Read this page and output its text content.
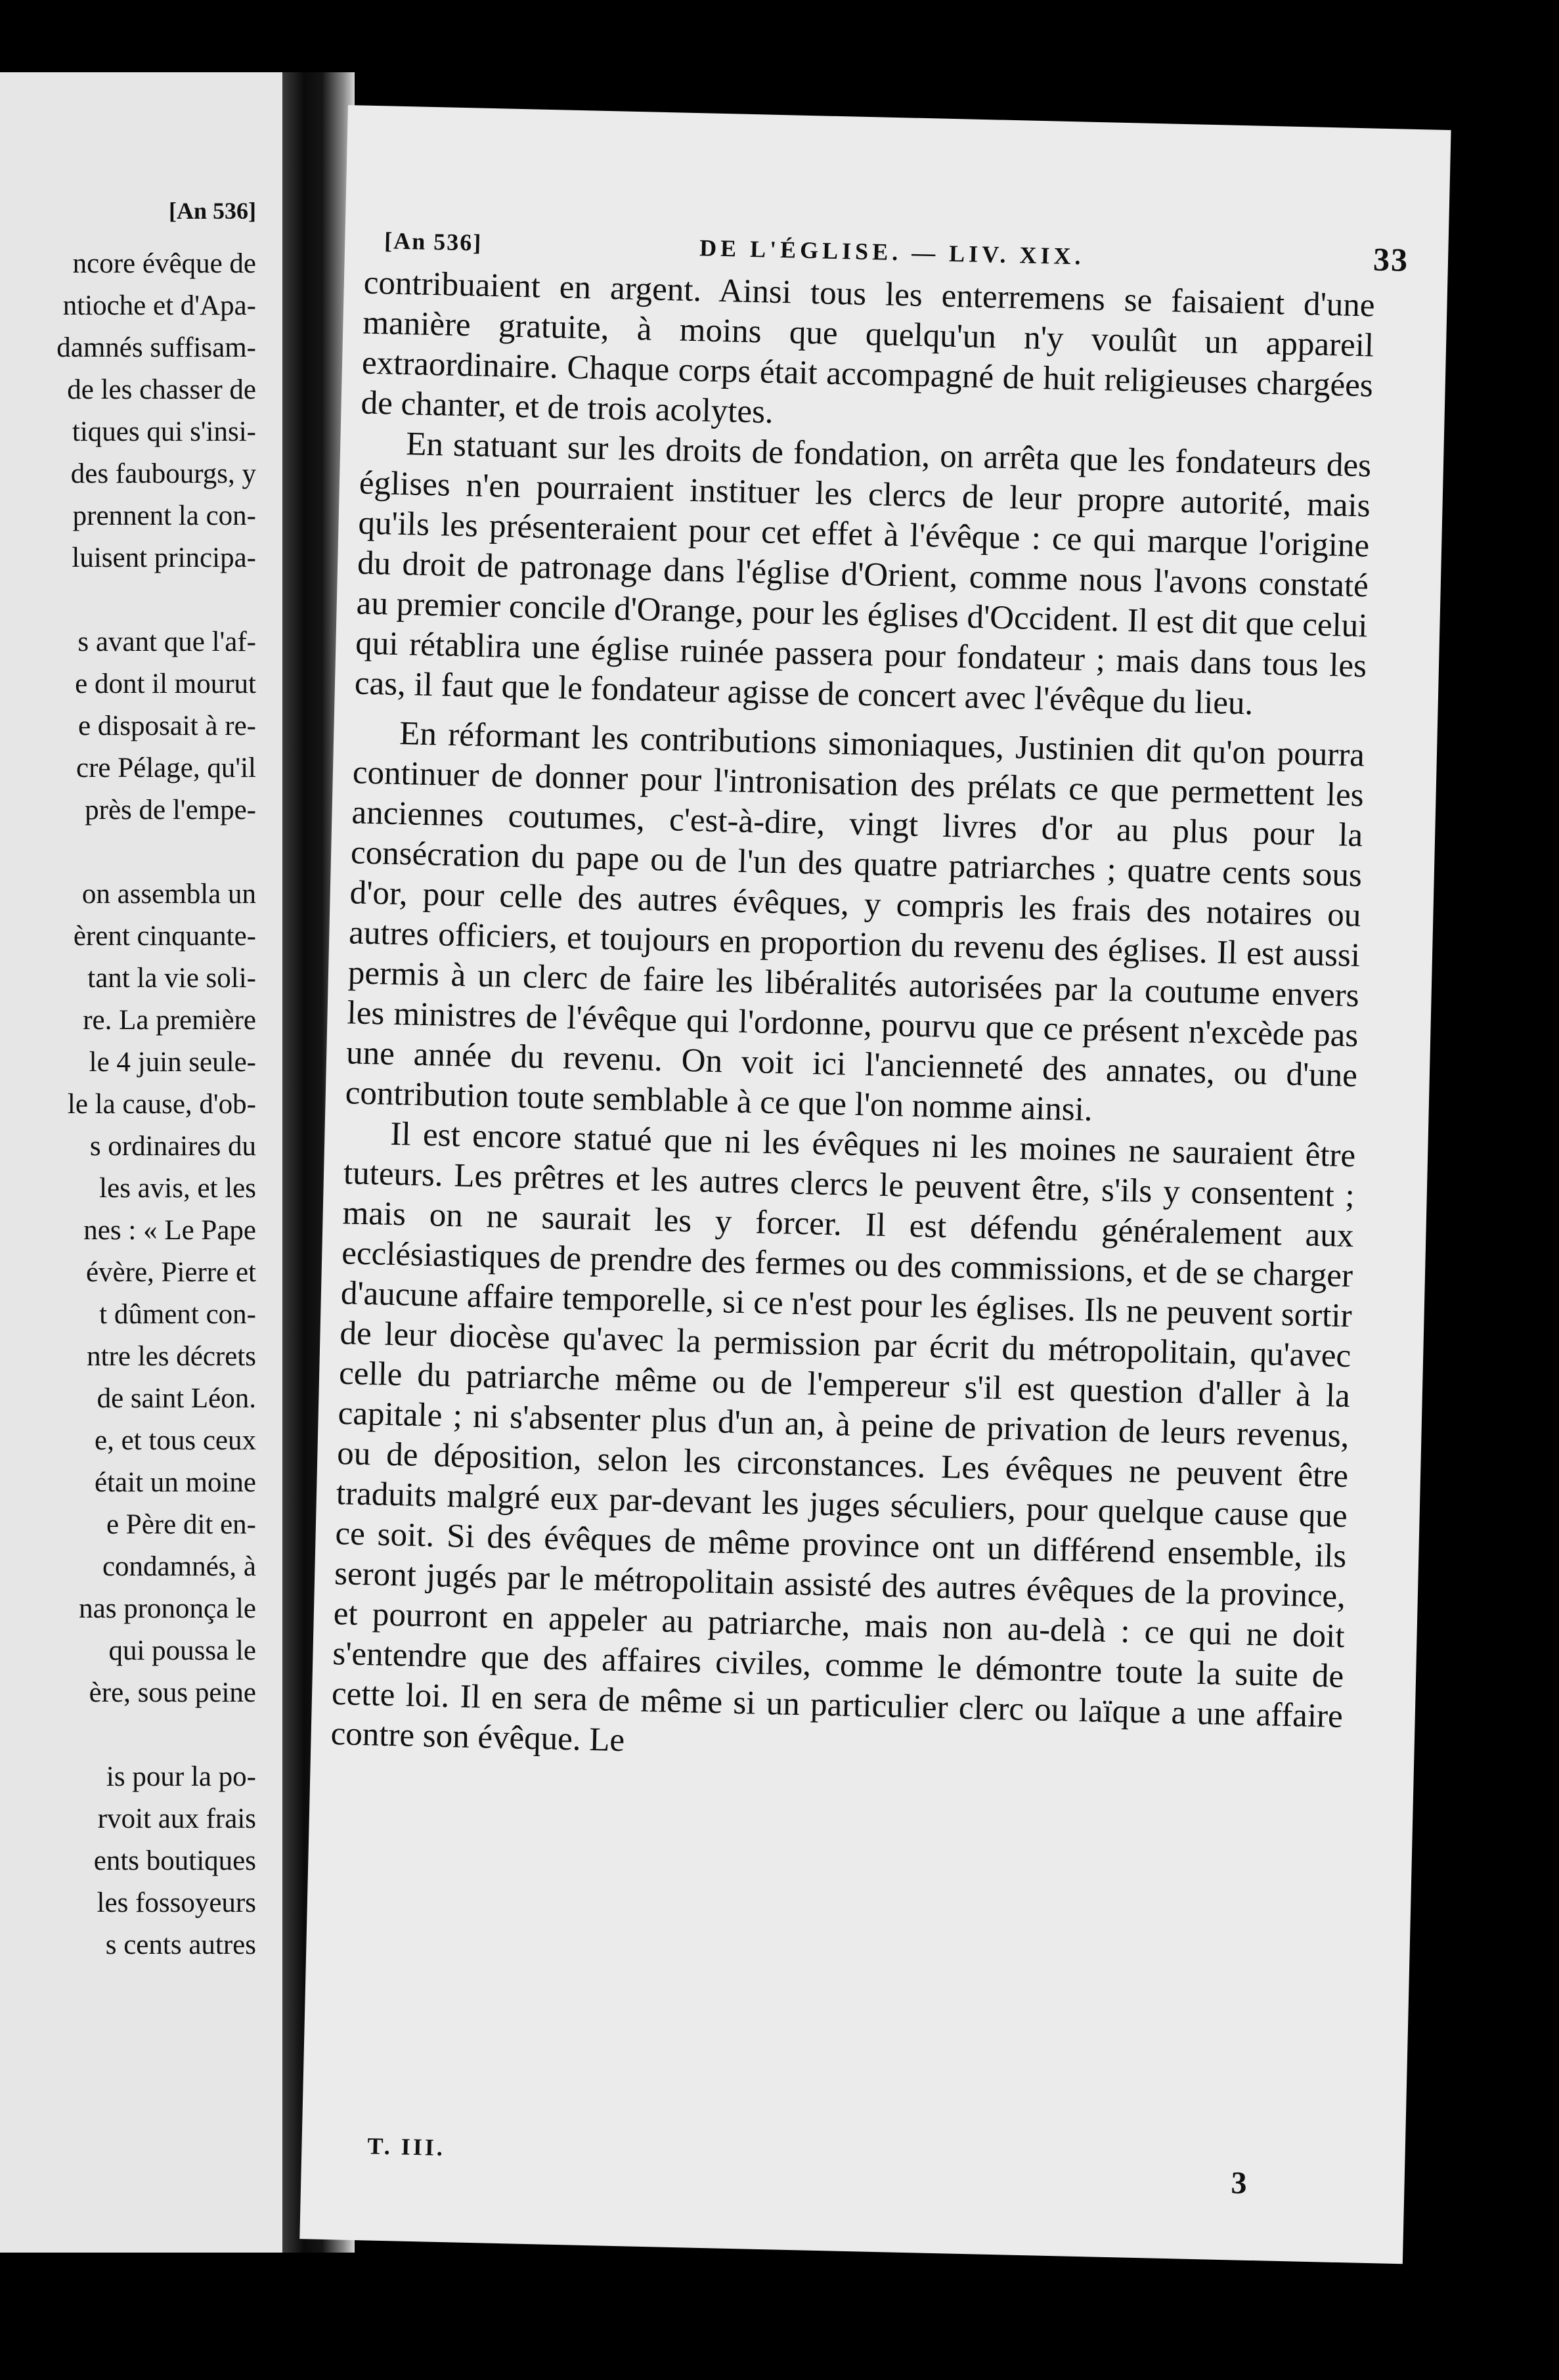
[An 536]
ncore évêque de
ntioche et d'Apa-
damnés suffisam-
de les chasser de
tiques qui s'insi-
des faubourgs, y
prennent la con-
luisent principa-

s avant que l'af-
e dont il mourut
e disposait à re-
cre Pélage, qu'il
près de l'empe-

on assembla un
èrent cinquante-
tant la vie soli-
re. La première
le 4 juin seule-
le la cause, d'ob-
s ordinaires du
les avis, et les
nes : « Le Pape
évère, Pierre et
t dûment con-
ntre les décrets
de saint Léon.
e, et tous ceux
était un moine
e Père dit en-
condamnés, à
nas prononça le
qui poussa le
ère, sous peine

is pour la po-
rvoit aux frais
ents boutiques
les fossoyeurs
s cents autres
[An 536]	DE L'ÉGLISE. — LIV. XIX.	33

contribuaient en argent. Ainsi tous les enterremens se faisaient d'une manière gratuite, à moins que quelqu'un n'y voulût un appareil extraordinaire. Chaque corps était accompagné de huit religieuses chargées de chanter, et de trois acolytes.

En statuant sur les droits de fondation, on arrêta que les fondateurs des églises n'en pourraient instituer les clercs de leur propre autorité, mais qu'ils les présenteraient pour cet effet à l'évêque : ce qui marque l'origine du droit de patronage dans l'église d'Orient, comme nous l'avons constaté au premier concile d'Orange, pour les églises d'Occident. Il est dit que celui qui rétablira une église ruinée passera pour fondateur ; mais dans tous les cas, il faut que le fondateur agisse de concert avec l'évêque du lieu.

En réformant les contributions simoniaques, Justinien dit qu'on pourra continuer de donner pour l'intronisation des prélats ce que permettent les anciennes coutumes, c'est-à-dire, vingt livres d'or au plus pour la consécration du pape ou de l'un des quatre patriarches ; quatre cents sous d'or, pour celle des autres évêques, y compris les frais des notaires ou autres officiers, et toujours en proportion du revenu des églises. Il est aussi permis à un clerc de faire les libéralités autorisées par la coutume envers les ministres de l'évêque qui l'ordonne, pourvu que ce présent n'excède pas une année du revenu. On voit ici l'ancienneté des annates, ou d'une contribution toute semblable à ce que l'on nomme ainsi.

Il est encore statué que ni les évêques ni les moines ne sauraient être tuteurs. Les prêtres et les autres clercs le peuvent être, s'ils y consentent ; mais on ne saurait les y forcer. Il est défendu généralement aux ecclésiastiques de prendre des fermes ou des commissions, et de se charger d'aucune affaire temporelle, si ce n'est pour les églises. Ils ne peuvent sortir de leur diocèse qu'avec la permission par écrit du métropolitain, qu'avec celle du patriarche même ou de l'empereur s'il est question d'aller à la capitale ; ni s'absenter plus d'un an, à peine de privation de leurs revenus, ou de déposition, selon les circonstances. Les évêques ne peuvent être traduits malgré eux par-devant les juges séculiers, pour quelque cause que ce soit. Si des évêques de même province ont un différend ensemble, ils seront jugés par le métropolitain assisté des autres évêques de la province, et pourront en appeler au patriarche, mais non au-delà : ce qui ne doit s'entendre que des affaires civiles, comme le démontre toute la suite de cette loi. Il en sera de même si un particulier clerc ou laïque a une affaire contre son évêque. Le

T. III.
3
